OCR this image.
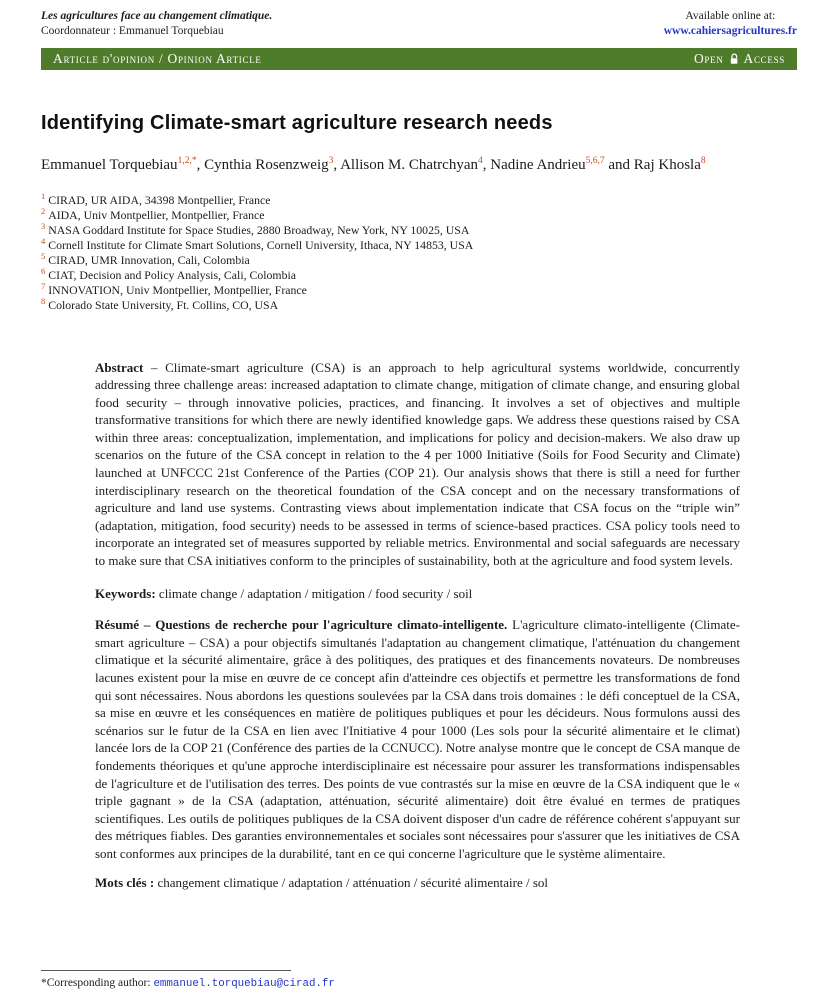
Les agricultures face au changement climatique.
Coordonnateur : Emmanuel Torquebiau
Available online at:
www.cahiersagricultures.fr
Article d'opinion / Opinion Article	Open Access
Identifying Climate-smart agriculture research needs

Emmanuel Torquebiau$^{1,2,*}$, Cynthia Rosenzweig$^3$, Allison M. Chatrchyan$^4$, Nadine Andrieu$^{5,6,7}$ and Raj Khosla$^8$

$^1$ CIRAD, UR AIDA, 34398 Montpellier, France
$^2$ AIDA, Univ Montpellier, Montpellier, France
$^3$ NASA Goddard Institute for Space Studies, 2880 Broadway, New York, NY 10025, USA
$^4$ Cornell Institute for Climate Smart Solutions, Cornell University, Ithaca, NY 14853, USA
$^5$ CIRAD, UMR Innovation, Cali, Colombia
$^6$ CIAT, Decision and Policy Analysis, Cali, Colombia
$^7$ INNOVATION, Univ Montpellier, Montpellier, France
$^8$ Colorado State University, Ft. Collins, CO, USA

Abstract – Climate-smart agriculture (CSA) is an approach to help agricultural systems worldwide, concurrently addressing three challenge areas: increased adaptation to climate change, mitigation of climate change, and ensuring global food security – through innovative policies, practices, and financing. It involves a set of objectives and multiple transformative transitions for which there are newly identified knowledge gaps. We address these questions raised by CSA within three areas: conceptualization, implementation, and implications for policy and decision-makers. We also draw up scenarios on the future of the CSA concept in relation to the 4 per 1000 Initiative (Soils for Food Security and Climate) launched at UNFCCC 21st Conference of the Parties (COP 21). Our analysis shows that there is still a need for further interdisciplinary research on the theoretical foundation of the CSA concept and on the necessary transformations of agriculture and land use systems. Contrasting views about implementation indicate that CSA focus on the “triple win” (adaptation, mitigation, food security) needs to be assessed in terms of science-based practices. CSA policy tools need to incorporate an integrated set of measures supported by reliable metrics. Environmental and social safeguards are necessary to make sure that CSA initiatives conform to the principles of sustainability, both at the agriculture and food system levels.

Keywords: climate change / adaptation / mitigation / food security / soil

Résumé – Questions de recherche pour l'agriculture climato-intelligente. L'agriculture climato-intelligente (Climate-smart agriculture – CSA) a pour objectifs simultanés l'adaptation au changement climatique, l'atténuation du changement climatique et la sécurité alimentaire, grâce à des politiques, des pratiques et des financements novateurs. De nombreuses lacunes existent pour la mise en œuvre de ce concept afin d'atteindre ces objectifs et permettre les transformations de fond qui sont nécessaires. Nous abordons les questions soulevées par la CSA dans trois domaines : le défi conceptuel de la CSA, sa mise en œuvre et les conséquences en matière de politiques publiques et pour les décideurs. Nous formulons aussi des scénarios sur le futur de la CSA en lien avec l'Initiative 4 pour 1000 (Les sols pour la sécurité alimentaire et le climat) lancée lors de la COP 21 (Conférence des parties de la CCNUCC). Notre analyse montre que le concept de CSA manque de fondements théoriques et qu'une approche interdisciplinaire est nécessaire pour assurer les transformations indispensables de l'agriculture et de l'utilisation des terres. Des points de vue contrastés sur la mise en œuvre de la CSA indiquent que le « triple gagnant » de la CSA (adaptation, atténuation, sécurité alimentaire) doit être évalué en termes de pratiques scientifiques. Les outils de politiques publiques de la CSA doivent disposer d'un cadre de référence cohérent s'appuyant sur des métriques fiables. Des garanties environnementales et sociales sont nécessaires pour s'assurer que les initiatives de CSA sont conformes aux principes de la durabilité, tant en ce qui concerne l'agriculture que le système alimentaire.

Mots clés : changement climatique / adaptation / atténuation / sécurité alimentaire / sol

*Corresponding author: emmanuel.torquebiau@cirad.fr
